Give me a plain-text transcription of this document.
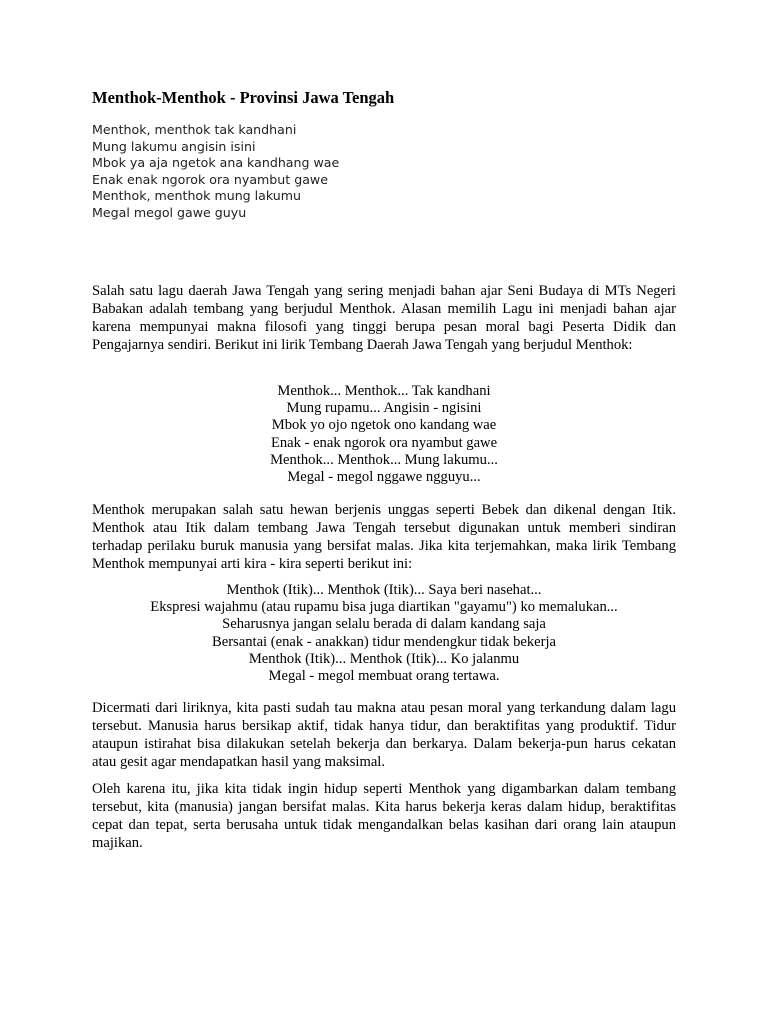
Menthok-Menthok - Provinsi Jawa Tengah
Menthok, menthok tak kandhani
Mung lakumu angisin isini
Mbok ya aja ngetok ana kandhang wae
Enak enak ngorok ora nyambut gawe
Menthok, menthok mung lakumu
Megal megol gawe guyu

Salah satu lagu daerah Jawa Tengah yang sering menjadi bahan ajar Seni Budaya di MTs Negeri Babakan adalah tembang yang berjudul Menthok. Alasan memilih Lagu ini menjadi bahan ajar karena mempunyai makna filosofi yang tinggi berupa pesan moral bagi Peserta Didik dan Pengajarnya sendiri. Berikut ini lirik Tembang Daerah Jawa Tengah yang berjudul Menthok:

Menthok... Menthok... Tak kandhani
Mung rupamu... Angisin - ngisini
Mbok yo ojo ngetok ono kandang wae
Enak - enak ngorok ora nyambut gawe
Menthok... Menthok... Mung lakumu...
Megal - megol nggawe ngguyu...

Menthok merupakan salah satu hewan berjenis unggas seperti Bebek dan dikenal dengan Itik. Menthok atau Itik dalam tembang Jawa Tengah tersebut digunakan untuk memberi sindiran terhadap perilaku buruk manusia yang bersifat malas. Jika kita terjemahkan, maka lirik Tembang Menthok mempunyai arti kira - kira seperti berikut ini:

Menthok (Itik)... Menthok (Itik)... Saya beri nasehat...
Ekspresi wajahmu (atau rupamu bisa juga diartikan "gayamu") ko memalukan...
Seharusnya jangan selalu berada di dalam kandang saja
Bersantai (enak - anakkan) tidur mendengkur tidak bekerja
Menthok (Itik)... Menthok (Itik)... Ko jalanmu
Megal - megol membuat orang tertawa.

Dicermati dari liriknya, kita pasti sudah tau makna atau pesan moral yang terkandung dalam lagu tersebut. Manusia harus bersikap aktif, tidak hanya tidur, dan beraktifitas yang produktif. Tidur ataupun istirahat bisa dilakukan setelah bekerja dan berkarya. Dalam bekerja-pun harus cekatan atau gesit agar mendapatkan hasil yang maksimal.

Oleh karena itu, jika kita tidak ingin hidup seperti Menthok yang digambarkan dalam tembang tersebut, kita (manusia) jangan bersifat malas. Kita harus bekerja keras dalam hidup, beraktifitas cepat dan tepat, serta berusaha untuk tidak mengandalkan belas kasihan dari orang lain ataupun majikan.
